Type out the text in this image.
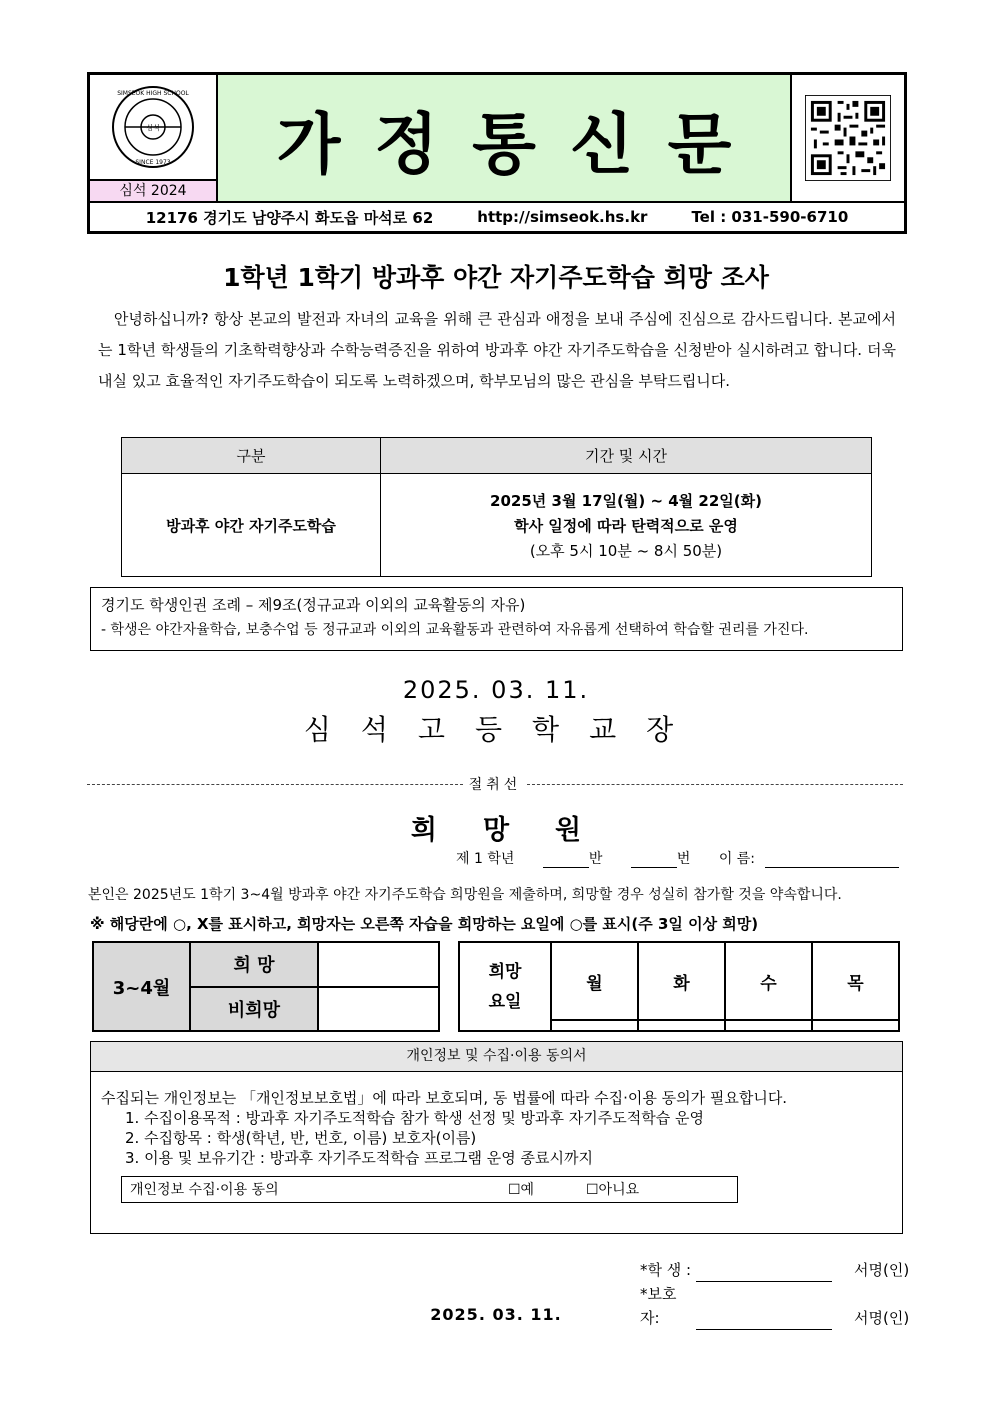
심석
SIMSEOK HIGH SCHOOL
SINCE 1973
심석 2024
가정통신문
12176 경기도 남양주시 화도읍 마석로 62	http://simseok.hs.kr	Tel : 031-590-6710
1학년 1학기 방과후 야간 자기주도학습 희망 조사
안녕하십니까? 항상 본교의 발전과 자녀의 교육을 위해 큰 관심과 애정을 보내 주심에 진심으로 감사드립니다. 본교에서는 1학년 학생들의 기초학력향상과 수학능력증진을 위하여 방과후 야간 자기주도학습을 신청받아 실시하려고 합니다. 더욱 내실 있고 효율적인 자기주도학습이 되도록 노력하겠으며, 학부모님의 많은 관심을 부탁드립니다.
구분	기간 및 시간
방과후 야간 자기주도학습	2025년 3월 17일(월) ~ 4월 22일(화)
학사 일정에 따라 탄력적으로 운영
(오후 5시 10분 ~ 8시 50분)
경기도 학생인권 조례 – 제9조(정규교과 이외의 교육활동의 자유)
- 학생은 야간자율학습, 보충수업 등 정규교과 이외의 교육활동과 관련하여 자유롭게 선택하여 학습할 권리를 가진다.
2025. 03. 11.
심석고등학교장
절취선
희망원
제 1 학년	반	번 이 름:
본인은 2025년도 1학기 3~4월 방과후 야간 자기주도학습 희망원을 제출하며, 희망할 경우 성실히 참가할 것을 약속합니다.
※ 해당란에 ○, X를 표시하고, 희망자는 오른쪽 자습을 희망하는 요일에 ○를 표시(주 3일 이상 희망)
3~4월	희 망	
	비희망	
희망
요일	월	화	수	목

개인정보 및 수집·이용 동의서
수집되는 개인정보는 「개인정보보호법」에 따라 보호되며, 동 법률에 따라 수집·이용 동의가 필요합니다.
1. 수집이용목적 : 방과후 자기주도적학습 참가 학생 선정 및 방과후 자기주도적학습 운영
2. 수집항목 : 학생(학년, 반, 번호, 이름) 보호자(이름)
3. 이용 및 보유기간 : 방과후 자기주도적학습 프로그램 운영 종료시까지
개인정보 수집·이용 동의	☐예	☐아니요
*학 생 :	서명(인)
*보호자:	서명(인)
2025. 03. 11.
